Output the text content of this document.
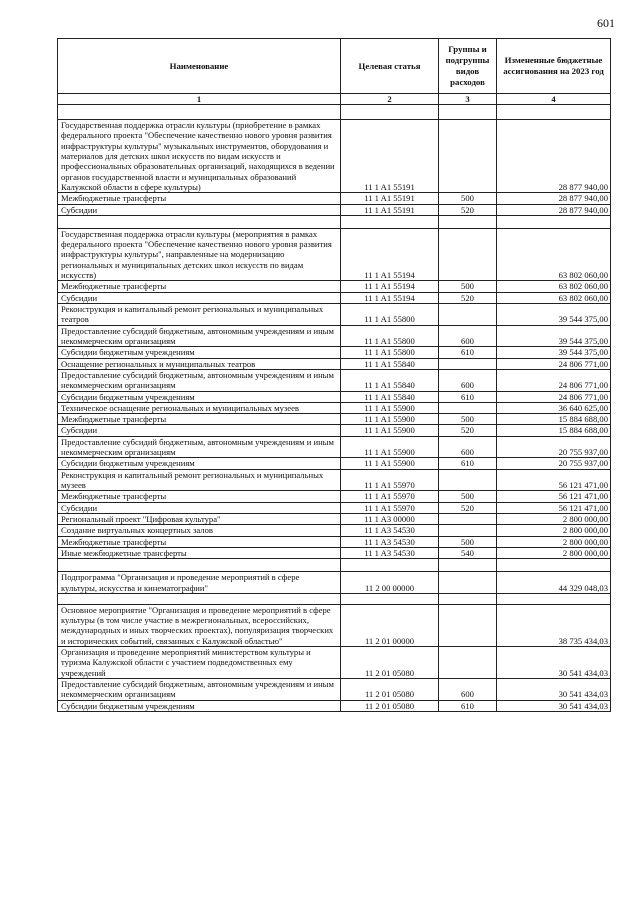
601
Наименование	Целевая статья	Группы и подгруппы видов расходов	Измененные бюджетные ассигнования на 2023 год
1	2	3	4

Государственная поддержка отрасли культуры (приобретение в рамках федерального проекта "Обеспечение качественно нового уровня развития инфраструктуры культуры" музыкальных инструментов, оборудования и материалов для детских школ искусств по видам искусств и профессиональных образовательных организаций, находящихся в ведении органов государственной власти и муниципальных образований Калужской области в сфере культуры)	11 1 A1 55191		28 877 940,00
Межбюджетные трансферты	11 1 A1 55191	500	28 877 940,00
Субсидии	11 1 A1 55191	520	28 877 940,00

Государственная поддержка отрасли культуры (мероприятия в рамках федерального проекта "Обеспечение качественно нового уровня развития инфраструктуры культуры", направленные на модернизацию региональных и муниципальных детских школ искусств по видам искусств)	11 1 A1 55194		63 802 060,00
Межбюджетные трансферты	11 1 A1 55194	500	63 802 060,00
Субсидии	11 1 A1 55194	520	63 802 060,00
Реконструкция и капитальный ремонт региональных и муниципальных театров	11 1 A1 55800		39 544 375,00
Предоставление субсидий бюджетным, автономным учреждениям и иным некоммерческим организациям	11 1 A1 55800	600	39 544 375,00
Субсидии бюджетным учреждениям	11 1 A1 55800	610	39 544 375,00
Оснащение региональных и муниципальных театров	11 1 A1 55840		24 806 771,00
Предоставление субсидий бюджетным, автономным учреждениям и иным некоммерческим организациям	11 1 A1 55840	600	24 806 771,00
Субсидии бюджетным учреждениям	11 1 A1 55840	610	24 806 771,00
Техническое оснащение региональных и муниципальных музеев	11 1 A1 55900		36 640 625,00
Межбюджетные трансферты	11 1 A1 55900	500	15 884 688,00
Субсидии	11 1 A1 55900	520	15 884 688,00
Предоставление субсидий бюджетным, автономным учреждениям и иным некоммерческим организациям	11 1 A1 55900	600	20 755 937,00
Субсидии бюджетным учреждениям	11 1 A1 55900	610	20 755 937,00
Реконструкция и капитальный ремонт региональных и муниципальных музеев	11 1 A1 55970		56 121 471,00
Межбюджетные трансферты	11 1 A1 55970	500	56 121 471,00
Субсидии	11 1 A1 55970	520	56 121 471,00
Региональный проект "Цифровая культура"	11 1 A3 00000		2 800 000,00
Создание виртуальных концертных залов	11 1 A3 54530		2 800 000,00
Межбюджетные трансферты	11 1 A3 54530	500	2 800 000,00
Иные межбюджетные трансферты	11 1 A3 54530	540	2 800 000,00

Подпрограмма "Организация и проведение мероприятий в сфере культуры, искусства и кинематографии"	11 2 00 00000		44 329 048,03

Основное мероприятие "Организация и проведение мероприятий в сфере культуры (в том числе участие в межрегиональных, всероссийских, международных и иных творческих проектах), популяризация творческих и исторических событий, связанных с Калужской областью"	11 2 01 00000		38 735 434,03
Организация и проведение мероприятий министерством культуры и туризма Калужской области с участием подведомственных ему учреждений	11 2 01 05080		30 541 434,03
Предоставление субсидий бюджетным, автономным учреждениям и иным некоммерческим организациям	11 2 01 05080	600	30 541 434,03
Субсидии бюджетным учреждениям	11 2 01 05080	610	30 541 434,03
